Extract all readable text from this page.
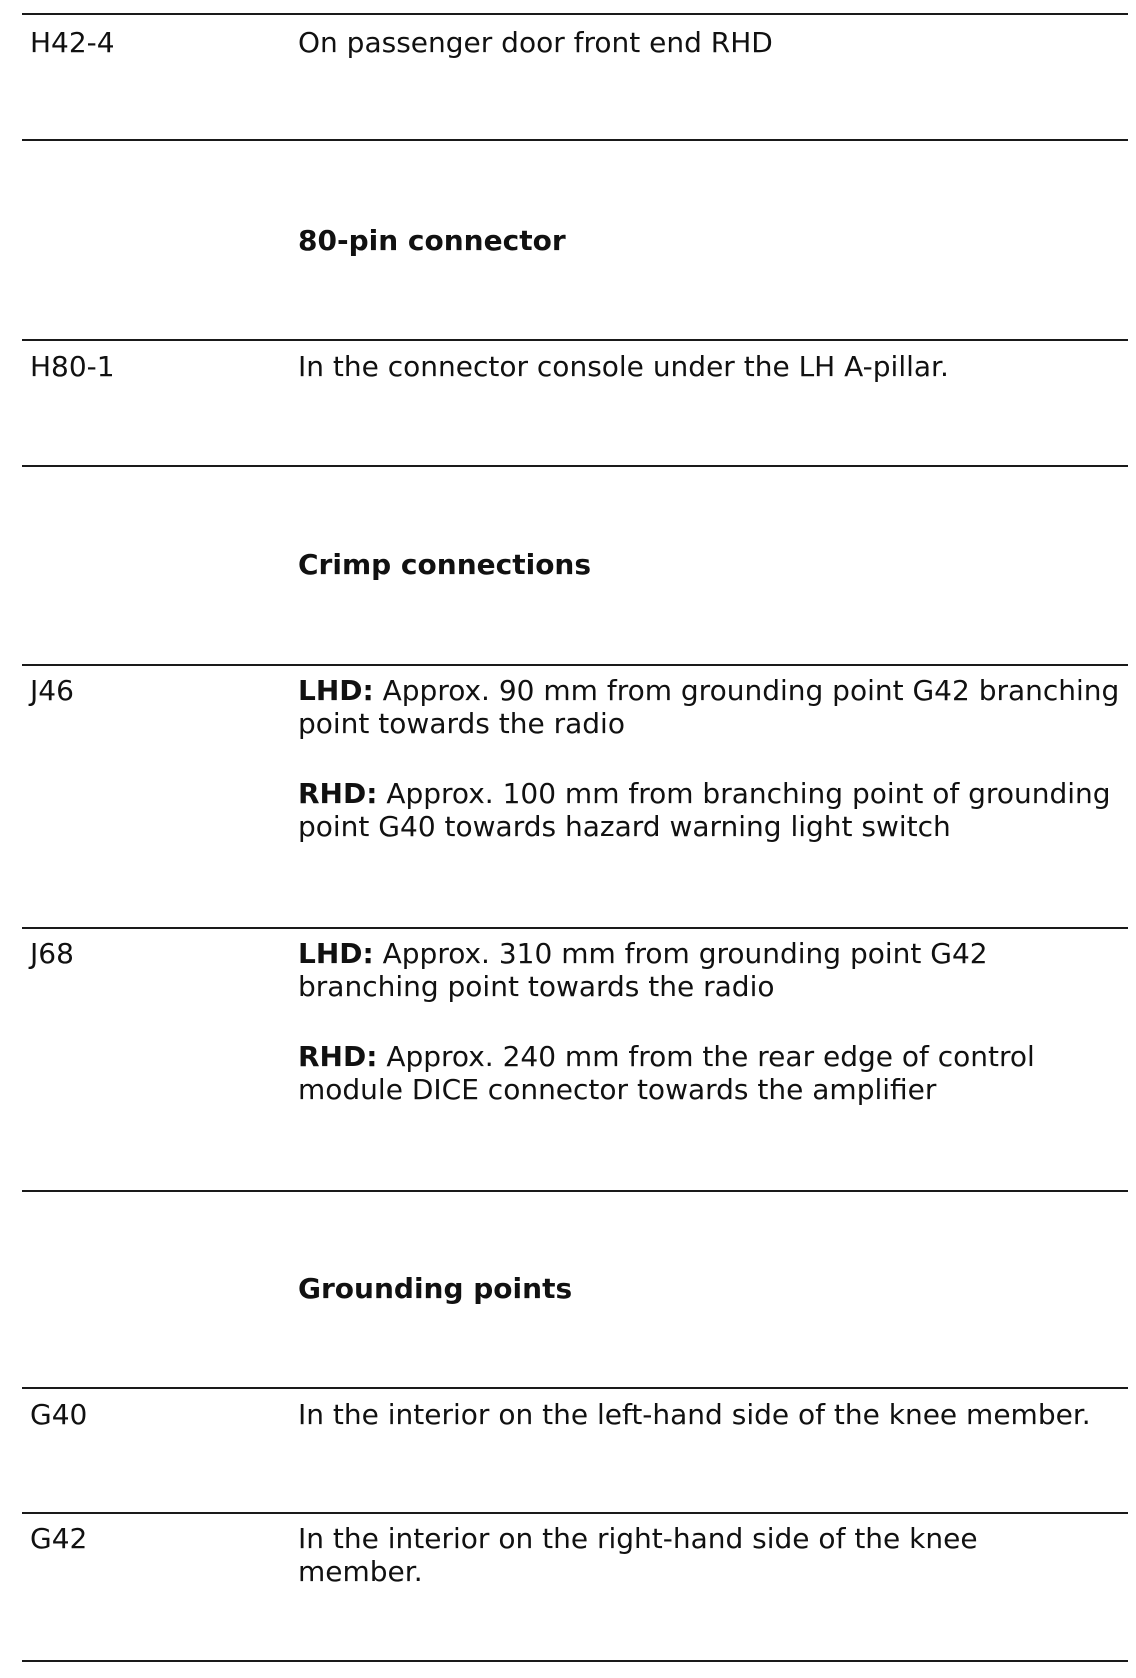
H42-4	On passenger door front end RHD
80-pin connector
H80-1	In the connector console under the LH A-pillar.
Crimp connections
J46	LHD: Approx. 90 mm from grounding point G42 branching point towards the radio

RHD: Approx. 100 mm from branching point of grounding point G40 towards hazard warning light switch

J68	LHD: Approx. 310 mm from grounding point G42 branching point towards the radio

RHD: Approx. 240 mm from the rear edge of control module DICE connector towards the amplifier

Grounding points
G40	In the interior on the left-hand side of the knee member.
G42	In the interior on the right-hand side of the knee member.
